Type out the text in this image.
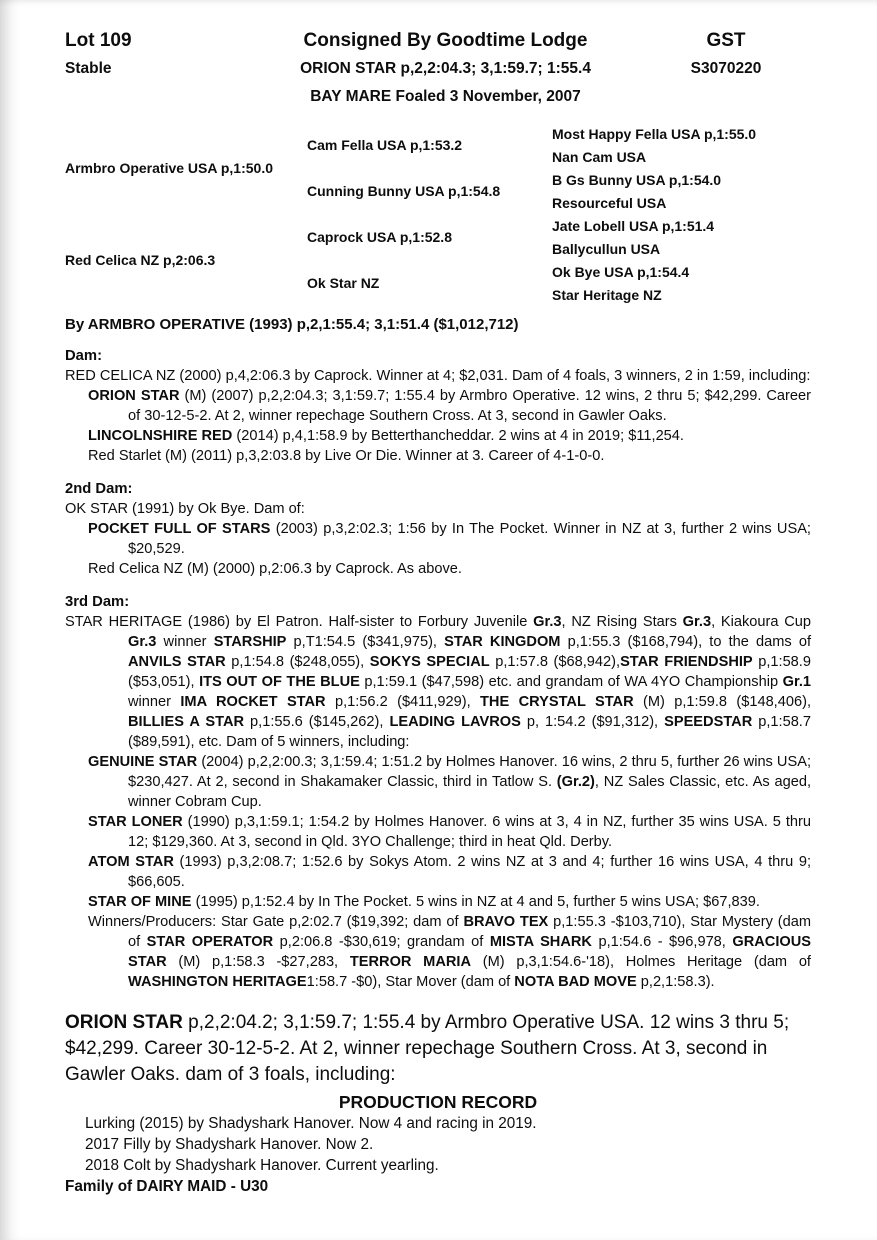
Lot 109
Stable
Consigned By Goodtime Lodge
ORION STAR p,2,2:04.3; 3,1:59.7; 1:55.4
BAY MARE Foaled 3 November, 2007
GST
S3070220
Armbro Operative USA p,1:50.0
Red Celica NZ p,2:06.3
Cam Fella USA p,1:53.2
Cunning Bunny USA p,1:54.8
Caprock USA p,1:52.8
Ok Star NZ
Most Happy Fella USA p,1:55.0
Nan Cam USA
B Gs Bunny USA p,1:54.0
Resourceful USA
Jate Lobell USA p,1:51.4
Ballycullun USA
Ok Bye USA p,1:54.4
Star Heritage NZ
By ARMBRO OPERATIVE (1993) p,2,1:55.4; 3,1:51.4 ($1,012,712)
Dam:
RED CELICA NZ (2000) p,4,2:06.3 by Caprock. Winner at 4; $2,031. Dam of 4 foals, 3 winners, 2 in 1:59, including:
ORION STAR (M) (2007) p,2,2:04.3; 3,1:59.7; 1:55.4 by Armbro Operative. 12 wins, 2 thru 5; $42,299. Career of 30-12-5-2. At 2, winner repechage Southern Cross. At 3, second in Gawler Oaks.
LINCOLNSHIRE RED (2014) p,4,1:58.9 by Betterthancheddar. 2 wins at 4 in 2019; $11,254.
Red Starlet (M) (2011) p,3,2:03.8 by Live Or Die. Winner at 3. Career of 4-1-0-0.
2nd Dam:
OK STAR (1991) by Ok Bye. Dam of:
POCKET FULL OF STARS (2003) p,3,2:02.3; 1:56 by In The Pocket. Winner in NZ at 3, further 2 wins USA; $20,529.
Red Celica NZ (M) (2000) p,2:06.3 by Caprock. As above.
3rd Dam:
STAR HERITAGE (1986) by El Patron. Half-sister to Forbury Juvenile Gr.3, NZ Rising Stars Gr.3, Kiakoura Cup Gr.3 winner STARSHIP p,T1:54.5 ($341,975), STAR KINGDOM p,1:55.3 ($168,794), to the dams of ANVILS STAR p,1:54.8 ($248,055), SOKYS SPECIAL p,1:57.8 ($68,942),STAR FRIENDSHIP p,1:58.9 ($53,051), ITS OUT OF THE BLUE p,1:59.1 ($47,598) etc. and grandam of WA 4YO Championship Gr.1 winner IMA ROCKET STAR p,1:56.2 ($411,929), THE CRYSTAL STAR (M) p,1:59.8 ($148,406), BILLIES A STAR p,1:55.6 ($145,262), LEADING LAVROS p, 1:54.2 ($91,312), SPEEDSTAR p,1:58.7 ($89,591), etc. Dam of 5 winners, including:
GENUINE STAR (2004) p,2,2:00.3; 3,1:59.4; 1:51.2 by Holmes Hanover. 16 wins, 2 thru 5, further 26 wins USA; $230,427. At 2, second in Shakamaker Classic, third in Tatlow S. (Gr.2), NZ Sales Classic, etc. As aged, winner Cobram Cup.
STAR LONER (1990) p,3,1:59.1; 1:54.2 by Holmes Hanover. 6 wins at 3, 4 in NZ, further 35 wins USA. 5 thru 12; $129,360. At 3, second in Qld. 3YO Challenge; third in heat Qld. Derby.
ATOM STAR (1993) p,3,2:08.7; 1:52.6 by Sokys Atom. 2 wins NZ at 3 and 4; further 16 wins USA, 4 thru 9; $66,605.
STAR OF MINE (1995) p,1:52.4 by In The Pocket. 5 wins in NZ at 4 and 5, further 5 wins USA; $67,839.
Winners/Producers: Star Gate p,2:02.7 ($19,392; dam of BRAVO TEX p,1:55.3 -$103,710), Star Mystery (dam of STAR OPERATOR p,2:06.8 -$30,619; grandam of MISTA SHARK p,1:54.6 - $96,978, GRACIOUS STAR (M) p,1:58.3 -$27,283, TERROR MARIA (M) p,3,1:54.6-'18), Holmes Heritage (dam of WASHINGTON HERITAGE1:58.7 -$0), Star Mover (dam of NOTA BAD MOVE p,2,1:58.3).
ORION STAR p,2,2:04.2; 3,1:59.7; 1:55.4 by Armbro Operative USA. 12 wins 3 thru 5; $42,299. Career 30-12-5-2. At 2, winner repechage Southern Cross. At 3, second in Gawler Oaks. dam of 3 foals, including:
PRODUCTION RECORD
Lurking (2015) by Shadyshark Hanover. Now 4 and racing in 2019.
2017 Filly by Shadyshark Hanover. Now 2.
2018 Colt by Shadyshark Hanover. Current yearling.
Family of DAIRY MAID - U30
